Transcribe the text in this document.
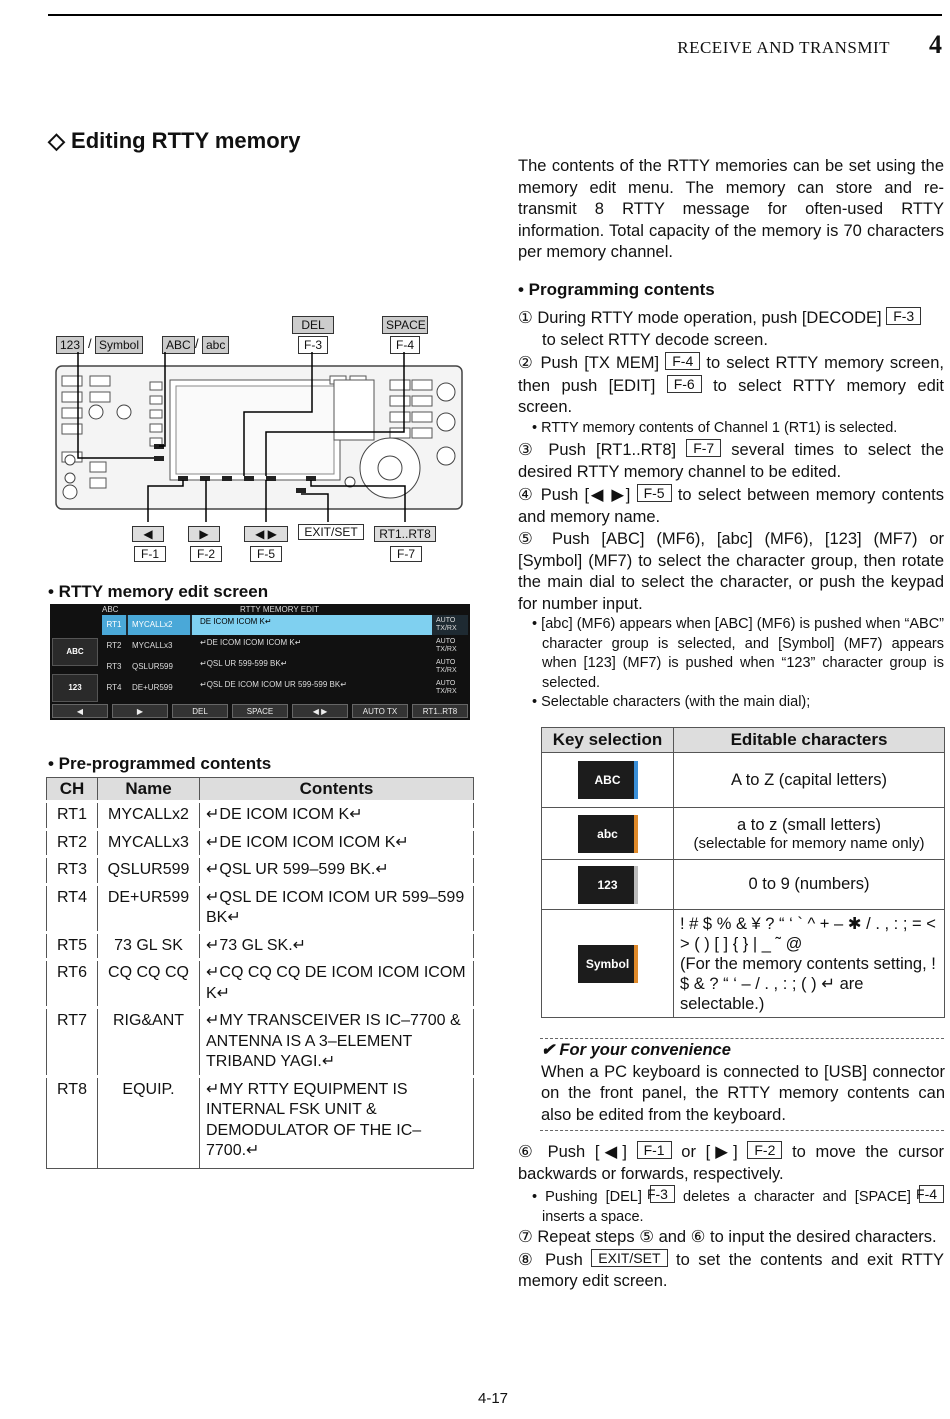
RECEIVE AND TRANSMIT 4
◇ Editing RTTY memory
123 / Symbol	ABC / abc
DEL
F-3
SPACE
F-4
◀	▶	◀ ▶	EXIT/SET	RT1..RT8
F-1	F-2	F-5	F-7
• RTTY memory edit screen
ABC	RTTY MEMORY EDIT
ABC
123
RT1	MYCALLx2	DE ICOM ICOM K↵	AUTO TX/RX
RT2	MYCALLx3	↵DE ICOM ICOM ICOM K↵	AUTO TX/RX
RT3	QSLUR599	↵QSL UR 599-599 BK↵	AUTO TX/RX
RT4	DE+UR599	↵QSL DE ICOM ICOM UR 599-599 BK↵	AUTO TX/RX
◀	▶	DEL	SPACE	◀ ▶	AUTO TX	RT1..RT8
• Pre-programmed contents
CH	Name	Contents
RT1	MYCALLx2	↵DE ICOM ICOM K↵
RT2	MYCALLx3	↵DE ICOM ICOM ICOM K↵
RT3	QSLUR599	↵QSL UR 599–599 BK.↵
RT4	DE+UR599	↵QSL DE ICOM ICOM UR 599–599 BK↵
RT5	73 GL SK	↵73 GL SK.↵
RT6	CQ CQ CQ	↵CQ CQ CQ DE ICOM ICOM ICOM K↵
RT7	RIG&ANT	↵MY TRANSCEIVER IS IC–7700 & ANTENNA IS A 3–ELEMENT TRIBAND YAGI.↵
RT8	EQUIP.	↵MY RTTY EQUIPMENT IS INTERNAL FSK UNIT & DEMODULATOR OF THE IC–7700.↵
The contents of the RTTY memories can be set using the memory edit menu. The memory can store and re-transmit 8 RTTY message for often-used RTTY information. Total capacity of the memory is 70 characters per memory channel.
• Programming contents

① During RTTY mode operation, push [DECODE] F-3
to select RTTY decode screen.

② Push [TX MEM] F-4 to select RTTY memory screen, then push [EDIT] F-6 to select RTTY memory edit screen.

• RTTY memory contents of Channel 1 (RT1) is selected.

③ Push [RT1..RT8] F-7 several times to select the desired RTTY memory channel to be edited.

④ Push [◀ ▶] F-5 to select between memory contents and memory name.

⑤ Push [ABC] (MF6), [abc] (MF6), [123] (MF7) or [Symbol] (MF7) to select the character group, then rotate the main dial to select the character, or push the keypad for number input.

• [abc] (MF6) appears when [ABC] (MF6) is pushed when “ABC” character group is selected, and [Symbol] (MF7) appears when [123] (MF7) is pushed when “123” character group is selected.

• Selectable characters (with the main dial);

Key selection	Editable characters
ABC	A to Z (capital letters)
abc	a to z (small letters)
(selectable for memory name only)

123	0 to 9 (numbers)
Symbol	! # $ % & ¥ ? “ ‘ ` ^ + – ✱ / . , : ; = < > ( ) [ ] { } | _ ˜ @
(For the memory contents setting, ! $ & ? “ ‘ – / . , : ; ( ) ↵ are selectable.)

✔ For your convenience

When a PC keyboard is connected to [USB] connector on the front panel, the RTTY memory contents can also be edited from the keyboard.

⑥ Push [◀] F-1 or [▶] F-2 to move the cursor backwards or forwards, respectively.

• Pushing [DEL] F-3 deletes a character and [SPACE] F-4 inserts a space.

⑦ Repeat steps ⑤ and ⑥ to input the desired characters.

⑧ Push EXIT/SET to set the contents and exit RTTY memory edit screen.

4-17
